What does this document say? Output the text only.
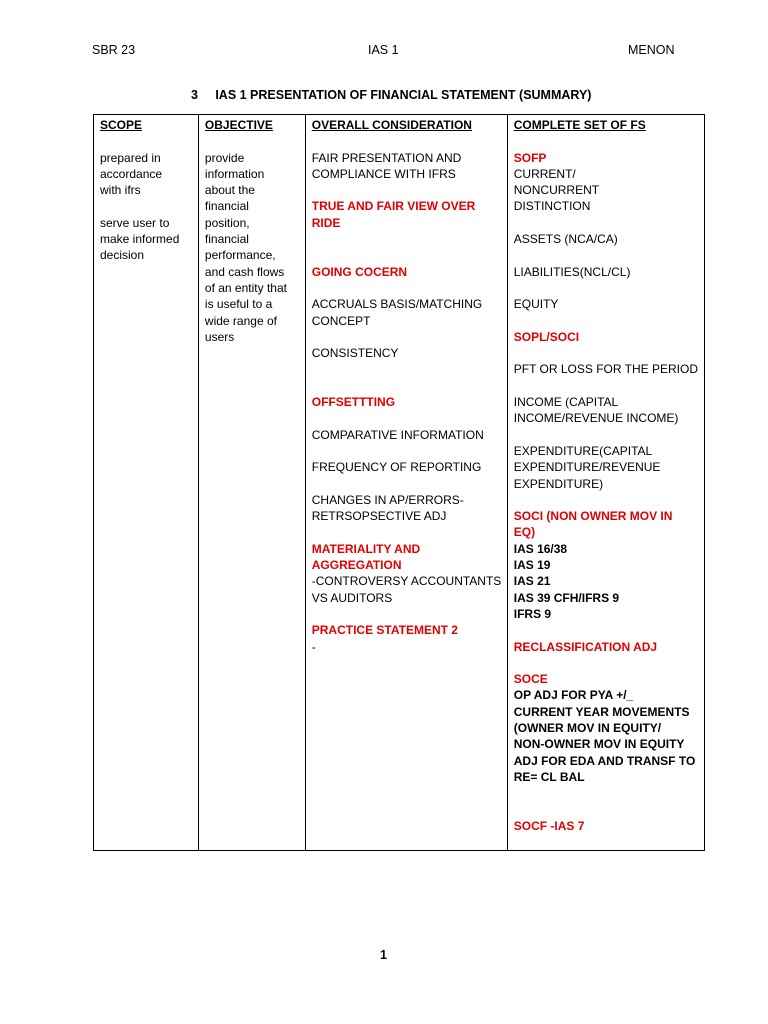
SBR 23	IAS 1	MENON
3     IAS 1 PRESENTATION OF FINANCIAL STATEMENT (SUMMARY)
SCOPE
prepared in
accordance
with ifrs
serve user to
make informed
decision
OBJECTIVE
provide
information
about the
financial
position,
financial
performance,
and cash flows
of an entity that
is useful to a
wide range of
users
OVERALL CONSIDERATION
FAIR PRESENTATION AND
COMPLIANCE WITH IFRS
TRUE AND FAIR VIEW OVER
RIDE
GOING COCERN
ACCRUALS BASIS/MATCHING
CONCEPT
CONSISTENCY
OFFSETTTING
COMPARATIVE INFORMATION
FREQUENCY OF REPORTING
CHANGES IN AP/ERRORS-
RETRSOPSECTIVE ADJ
MATERIALITY AND
AGGREGATION
-CONTROVERSY ACCOUNTANTS
VS AUDITORS
PRACTICE STATEMENT 2
-
COMPLETE SET OF FS
SOFP
CURRENT/
NONCURRENT
DISTINCTION
ASSETS (NCA/CA)
LIABILITIES(NCL/CL)
EQUITY
SOPL/SOCI
PFT OR LOSS FOR THE PERIOD
INCOME (CAPITAL
INCOME/REVENUE INCOME)
EXPENDITURE(CAPITAL
EXPENDITURE/REVENUE
EXPENDITURE)
SOCI (NON OWNER MOV IN
EQ)
IAS 16/38
IAS 19
IAS 21
IAS 39 CFH/IFRS 9
IFRS 9
RECLASSIFICATION ADJ
SOCE
OP ADJ FOR PYA +/_
CURRENT YEAR MOVEMENTS
(OWNER MOV IN EQUITY/
NON-OWNER MOV IN EQUITY
ADJ FOR EDA AND TRANSF TO
RE= CL BAL
SOCF -IAS 7
1
